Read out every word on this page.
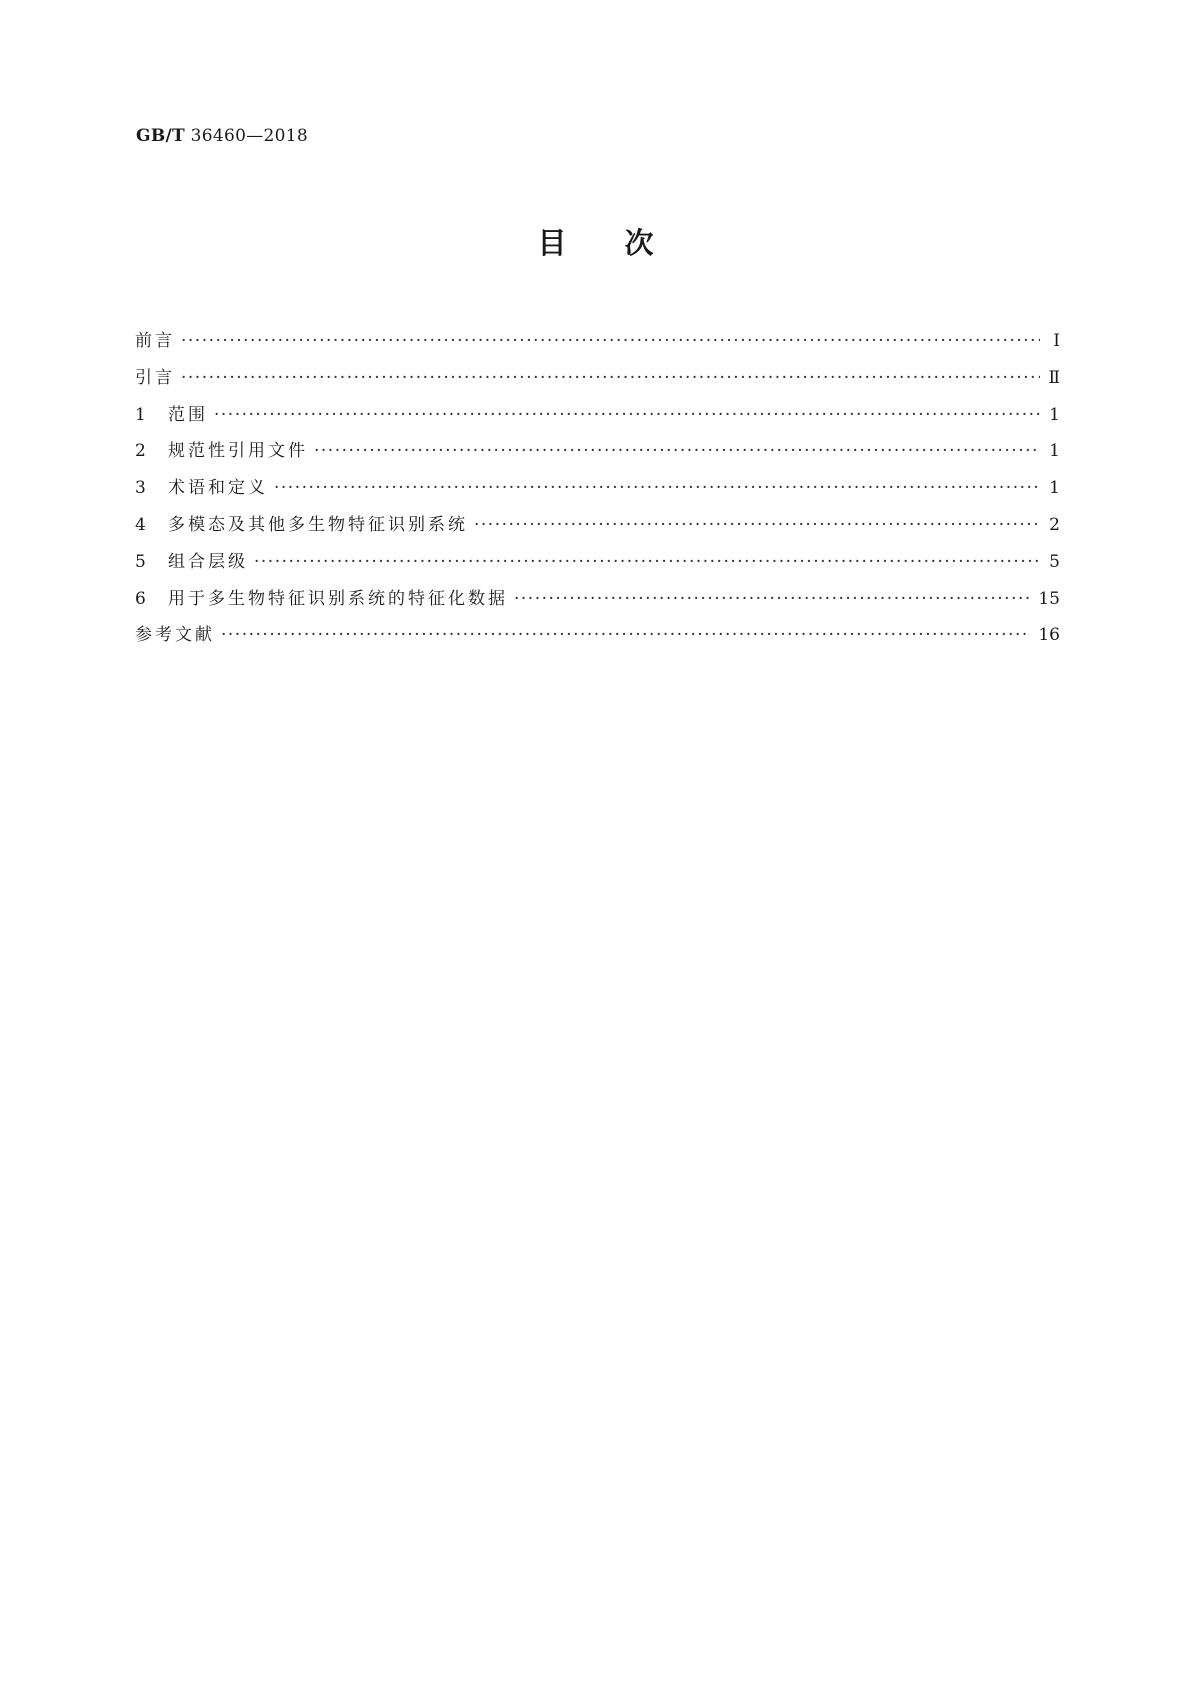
GB/T 36460—2018
目　　次
前言 ·····	Ⅰ
引言 ·····	Ⅱ
1	范围 ·····	1
2	规范性引用文件 ·····	1
3	术语和定义 ·····	1
4	多模态及其他多生物特征识别系统 ·····	2
5	组合层级 ·····	5
6	用于多生物特征识别系统的特征化数据 ·····	15
参考文献 ·····	16
